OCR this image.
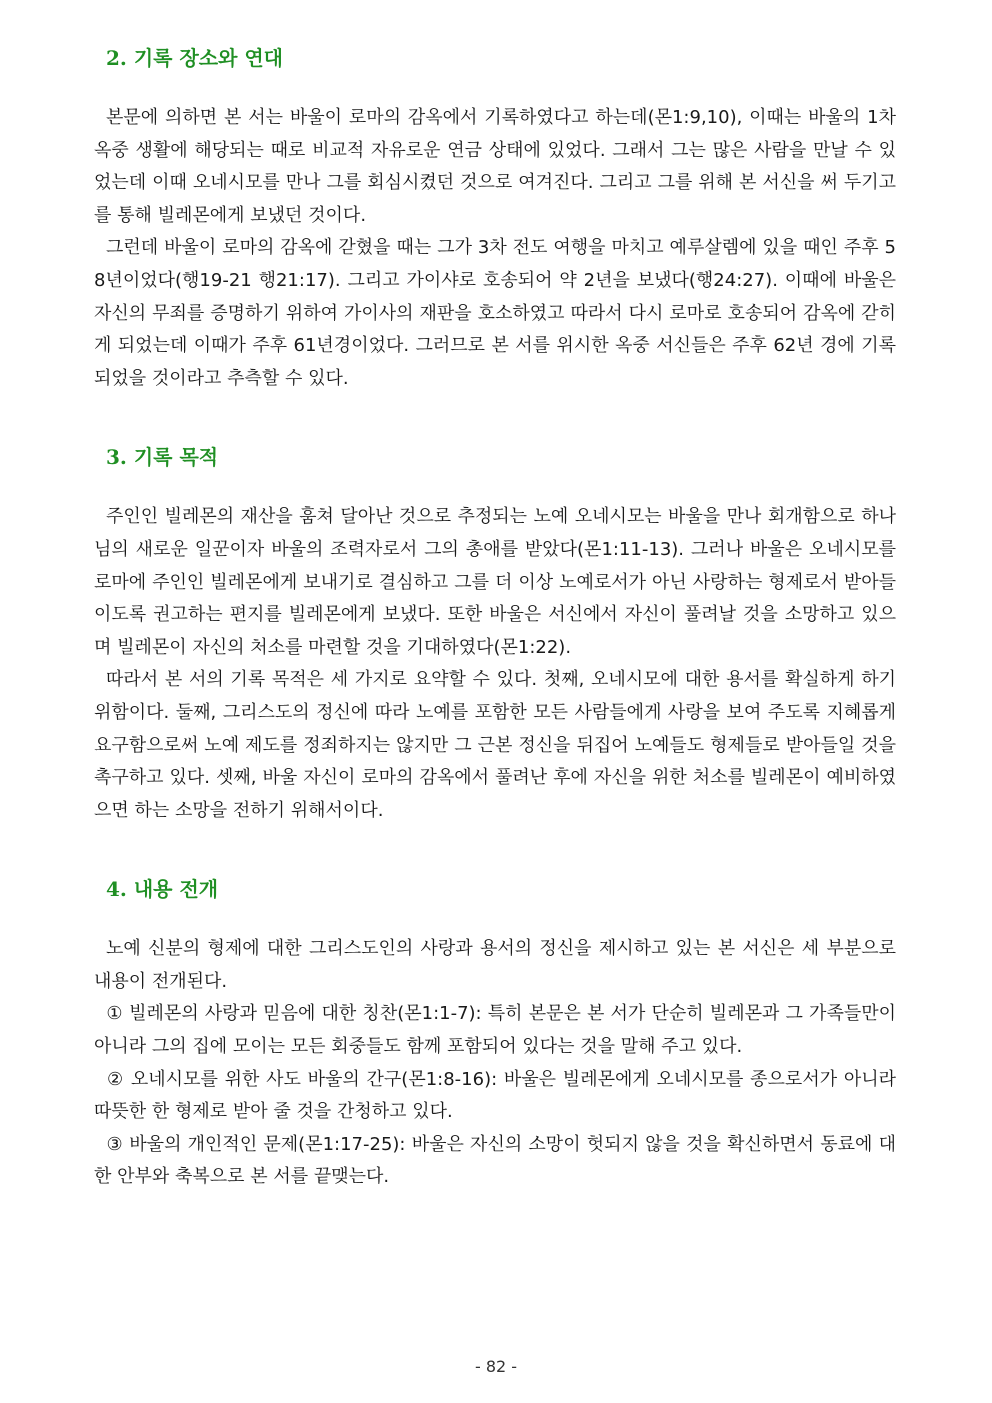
2. 기록 장소와 연대

본문에 의하면 본 서는 바울이 로마의 감옥에서 기록하였다고 하는데(몬1:9,10), 이때는 바울의 1차 옥중 생활에 해당되는 때로 비교적 자유로운 연금 상태에 있었다. 그래서 그는 많은 사람을 만날 수 있었는데 이때 오네시모를 만나 그를 회심시켰던 것으로 여겨진다. 그리고 그를 위해 본 서신을 써 두기고를 통해 빌레몬에게 보냈던 것이다.

그런데 바울이 로마의 감옥에 갇혔을 때는 그가 3차 전도 여행을 마치고 예루살렘에 있을 때인 주후 58년이었다(행19-21 행21:17). 그리고 가이샤로 호송되어 약 2년을 보냈다(행24:27). 이때에 바울은 자신의 무죄를 증명하기 위하여 가이사의 재판을 호소하였고 따라서 다시 로마로 호송되어 감옥에 갇히게 되었는데 이때가 주후 61년경이었다. 그러므로 본 서를 위시한 옥중 서신들은 주후 62년 경에 기록되었을 것이라고 추측할 수 있다.

3. 기록 목적

주인인 빌레몬의 재산을 훔쳐 달아난 것으로 추정되는 노예 오네시모는 바울을 만나 회개함으로 하나님의 새로운 일꾼이자 바울의 조력자로서 그의 총애를 받았다(몬1:11-13). 그러나 바울은 오네시모를 로마에 주인인 빌레몬에게 보내기로 결심하고 그를 더 이상 노예로서가 아닌 사랑하는 형제로서 받아들이도록 권고하는 편지를 빌레몬에게 보냈다. 또한 바울은 서신에서 자신이 풀려날 것을 소망하고 있으며 빌레몬이 자신의 처소를 마련할 것을 기대하였다(몬1:22).

따라서 본 서의 기록 목적은 세 가지로 요약할 수 있다. 첫째, 오네시모에 대한 용서를 확실하게 하기 위함이다. 둘째, 그리스도의 정신에 따라 노예를 포함한 모든 사람들에게 사랑을 보여 주도록 지혜롭게 요구함으로써 노예 제도를 정죄하지는 않지만 그 근본 정신을 뒤집어 노예들도 형제들로 받아들일 것을 촉구하고 있다. 셋째, 바울 자신이 로마의 감옥에서 풀려난 후에 자신을 위한 처소를 빌레몬이 예비하였으면 하는 소망을 전하기 위해서이다.

4. 내용 전개

노예 신분의 형제에 대한 그리스도인의 사랑과 용서의 정신을 제시하고 있는 본 서신은 세 부분으로 내용이 전개된다.

① 빌레몬의 사랑과 믿음에 대한 칭찬(몬1:1-7): 특히 본문은 본 서가 단순히 빌레몬과 그 가족들만이 아니라 그의 집에 모이는 모든 회중들도 함께 포함되어 있다는 것을 말해 주고 있다.

② 오네시모를 위한 사도 바울의 간구(몬1:8-16): 바울은 빌레몬에게 오네시모를 종으로서가 아니라 따뜻한 한 형제로 받아 줄 것을 간청하고 있다.

③ 바울의 개인적인 문제(몬1:17-25): 바울은 자신의 소망이 헛되지 않을 것을 확신하면서 동료에 대한 안부와 축복으로 본 서를 끝맺는다.

- 82 -
